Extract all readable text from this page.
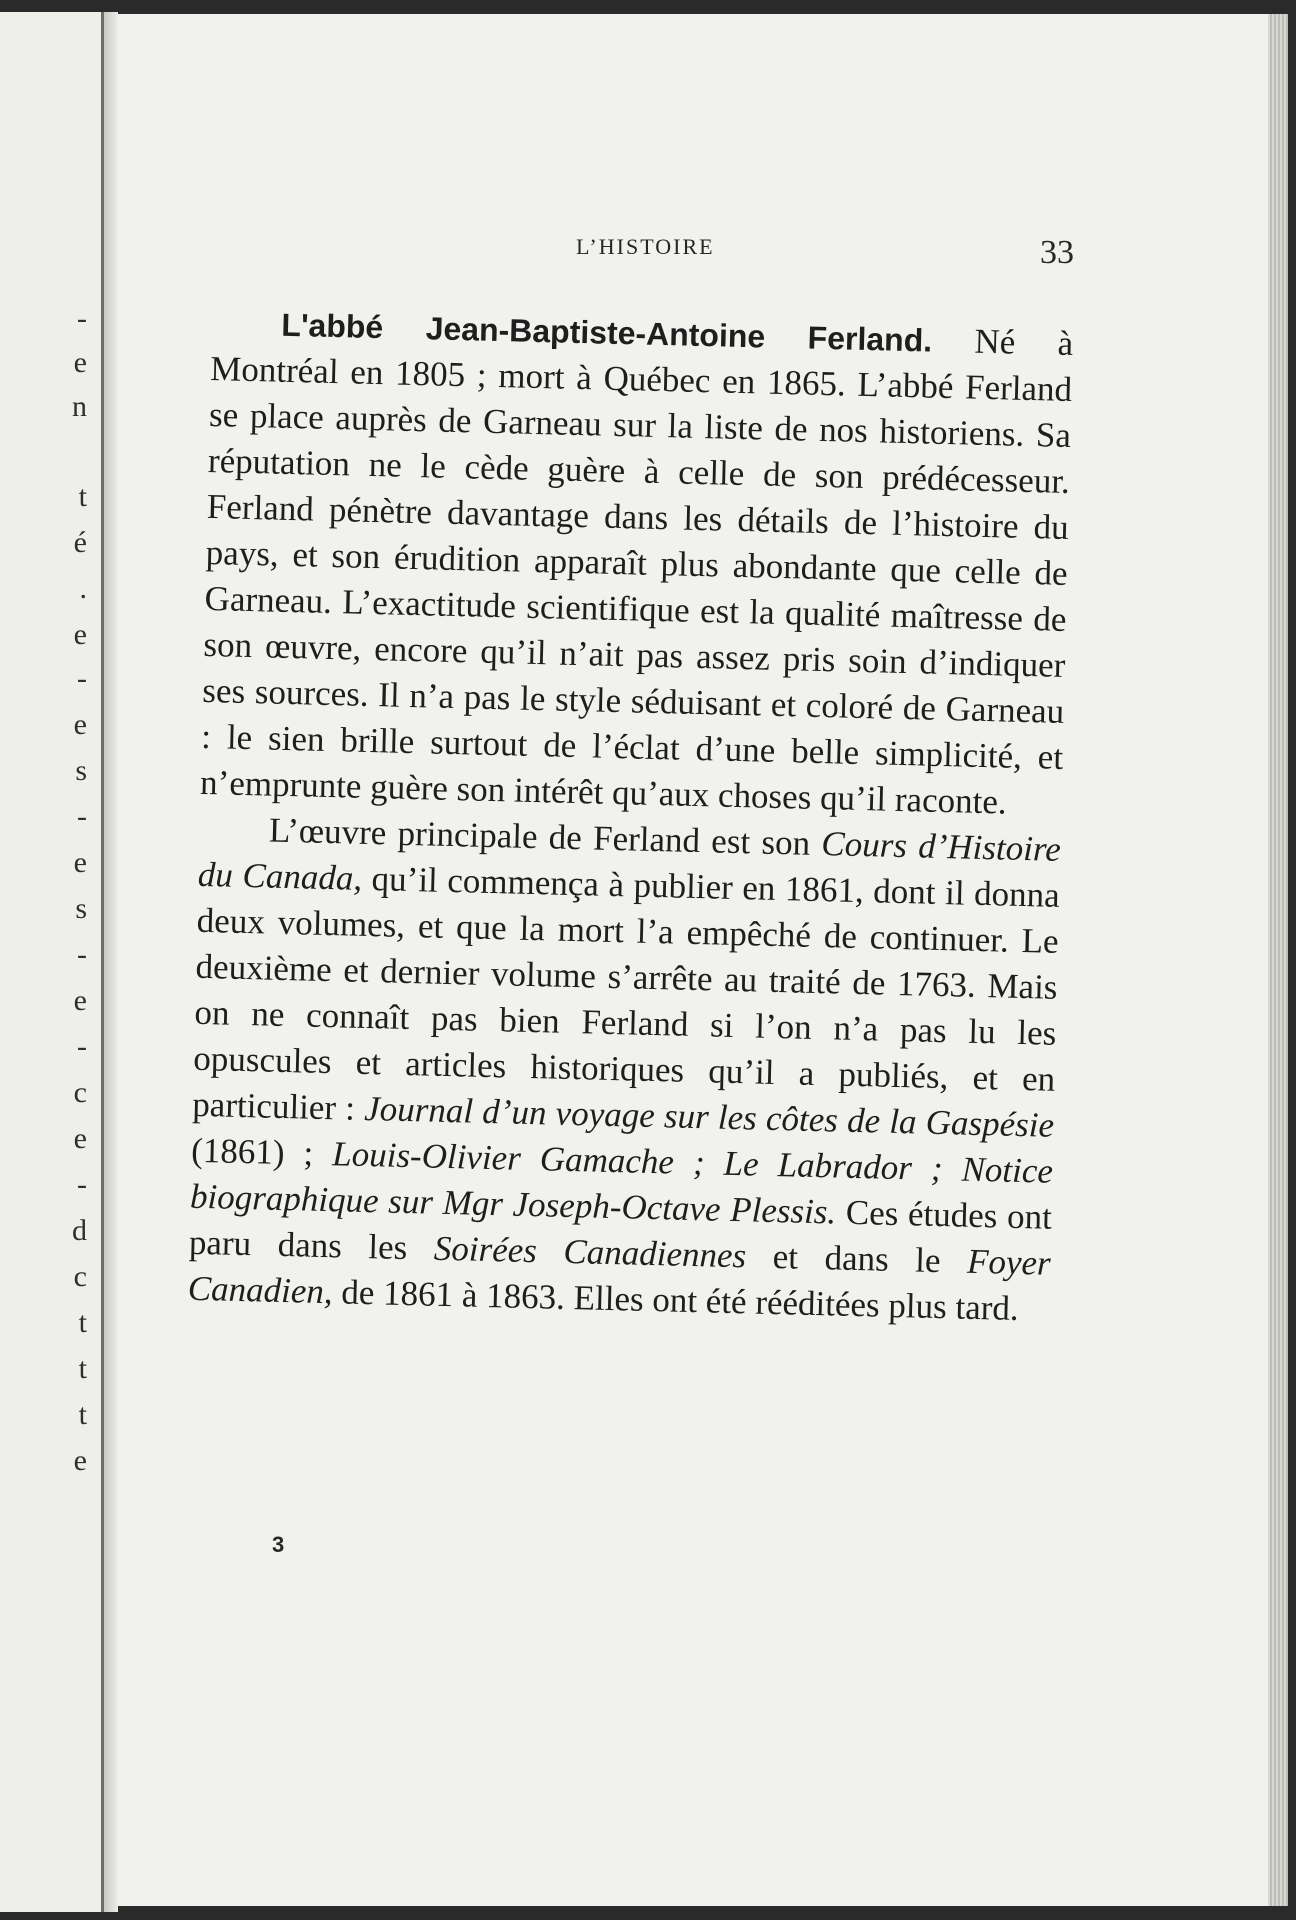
-
e
n
t
é
.
e
-
e
s
-
e
s
-
e
-
c
e
-
d
c
t
t
t
e
L’HISTOIRE	33

L'abbé Jean-Baptiste-Antoine Ferland. Né à Montréal en 1805 ; mort à Québec en 1865. L’abbé Ferland se place auprès de Garneau sur la liste de nos historiens. Sa réputation ne le cède guère à celle de son prédécesseur. Ferland pénètre davantage dans les détails de l’histoire du pays, et son érudition apparaît plus abondante que celle de Garneau. L’exactitude scientifique est la qualité maîtresse de son œuvre, encore qu’il n’ait pas assez pris soin d’indiquer ses sources. Il n’a pas le style séduisant et coloré de Garneau : le sien brille surtout de l’éclat d’une belle simplicité, et n’emprunte guère son intérêt qu’aux choses qu’il raconte.

L’œuvre principale de Ferland est son Cours d’Histoire du Canada, qu’il commença à publier en 1861, dont il donna deux volumes, et que la mort l’a empêché de continuer. Le deuxième et dernier volume s’arrête au traité de 1763. Mais on ne connaît pas bien Ferland si l’on n’a pas lu les opuscules et articles historiques qu’il a publiés, et en particulier : Journal d’un voyage sur les côtes de la Gaspésie (1861) ; Louis-Olivier Gamache ; Le Labrador ; Notice biographique sur Mgr Joseph-Octave Plessis. Ces études ont paru dans les Soirées Canadiennes et dans le Foyer Canadien, de 1861 à 1863. Elles ont été rééditées plus tard.

3
